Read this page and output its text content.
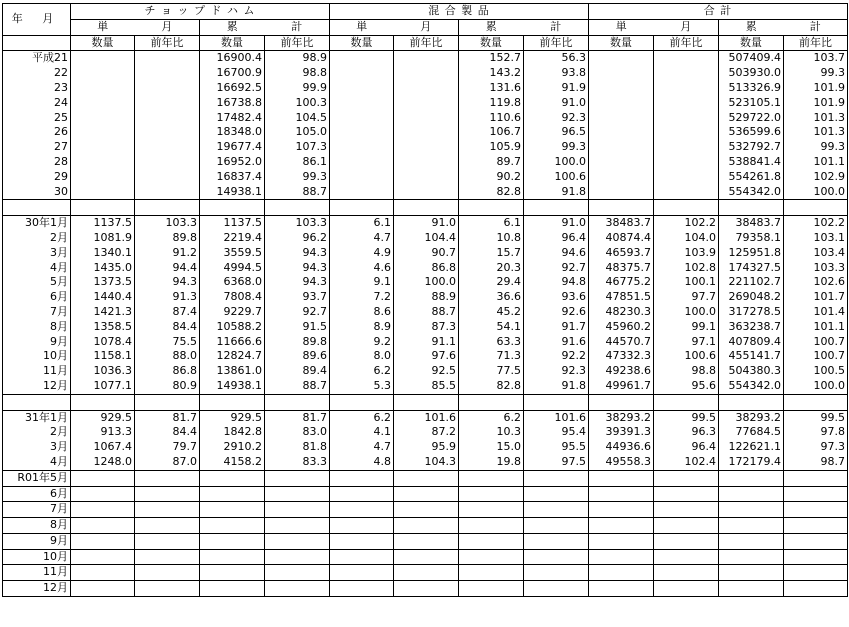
年 月	チ ョ ッ プ ド ハ ム				混 合 製 品				合 計			
	単	月	累	計	単	月	累	計	単	月	累	計
	数量	前年比	数量	前年比	数量	前年比	数量	前年比	数量	前年比	数量	前年比
平成21			16900.4	98.9			152.7	56.3			507409.4	103.7
22			16700.9	98.8			143.2	93.8			503930.0	99.3
23			16692.5	99.9			131.6	91.9			513326.9	101.9
24			16738.8	100.3			119.8	91.0			523105.1	101.9
25			17482.4	104.5			110.6	92.3			529722.0	101.3
26			18348.0	105.0			106.7	96.5			536599.6	101.3
27			19677.4	107.3			105.9	99.3			532792.7	99.3
28			16952.0	86.1			89.7	100.0			538841.4	101.1
29			16837.4	99.3			90.2	100.6			554261.8	102.9
30			14938.1	88.7			82.8	91.8			554342.0	100.0

30年1月	1137.5	103.3	1137.5	103.3	6.1	91.0	6.1	91.0	38483.7	102.2	38483.7	102.2
2月	1081.9	89.8	2219.4	96.2	4.7	104.4	10.8	96.4	40874.4	104.0	79358.1	103.1
3月	1340.1	91.2	3559.5	94.3	4.9	90.7	15.7	94.6	46593.7	103.9	125951.8	103.4
4月	1435.0	94.4	4994.5	94.3	4.6	86.8	20.3	92.7	48375.7	102.8	174327.5	103.3
5月	1373.5	94.3	6368.0	94.3	9.1	100.0	29.4	94.8	46775.2	100.1	221102.7	102.6
6月	1440.4	91.3	7808.4	93.7	7.2	88.9	36.6	93.6	47851.5	97.7	269048.2	101.7
7月	1421.3	87.4	9229.7	92.7	8.6	88.7	45.2	92.6	48230.3	100.0	317278.5	101.4
8月	1358.5	84.4	10588.2	91.5	8.9	87.3	54.1	91.7	45960.2	99.1	363238.7	101.1
9月	1078.4	75.5	11666.6	89.8	9.2	91.1	63.3	91.6	44570.7	97.1	407809.4	100.7
10月	1158.1	88.0	12824.7	89.6	8.0	97.6	71.3	92.2	47332.3	100.6	455141.7	100.7
11月	1036.3	86.8	13861.0	89.4	6.2	92.5	77.5	92.3	49238.6	98.8	504380.3	100.5
12月	1077.1	80.9	14938.1	88.7	5.3	85.5	82.8	91.8	49961.7	95.6	554342.0	100.0

31年1月	929.5	81.7	929.5	81.7	6.2	101.6	6.2	101.6	38293.2	99.5	38293.2	99.5
2月	913.3	84.4	1842.8	83.0	4.1	87.2	10.3	95.4	39391.3	96.3	77684.5	97.8
3月	1067.4	79.7	2910.2	81.8	4.7	95.9	15.0	95.5	44936.6	96.4	122621.1	97.3
4月	1248.0	87.0	4158.2	83.3	4.8	104.3	19.8	97.5	49558.3	102.4	172179.4	98.7
R01年5月												
6月												
7月												
8月												
9月												
10月												
11月												
12月												
